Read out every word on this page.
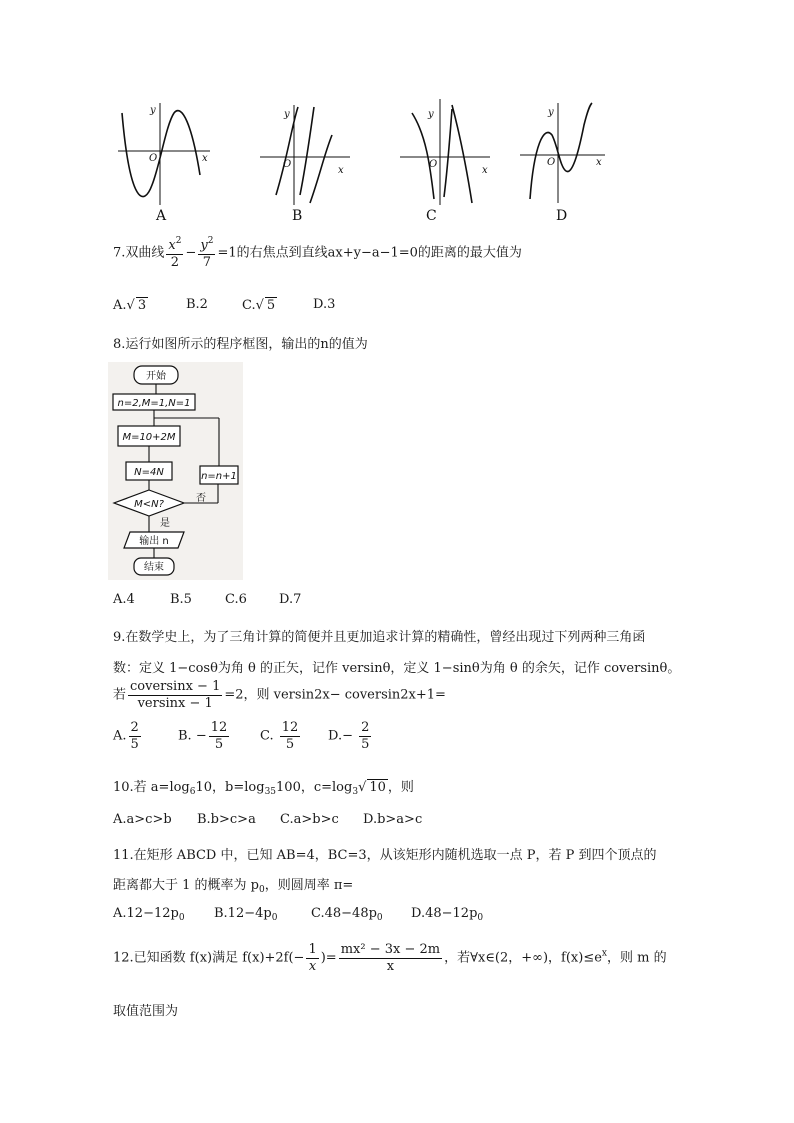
y
x
O
A
y
x
O
B
y
x
O
C
y
x
O
D
7.双曲线 $\frac{x^2}{2} - \frac{y^2}{7} =1$的右焦点到直线ax+y−a−1=0的距离的最大值为
A.√ 3	B.2	C.√ 5	D.3
8.运行如图所示的程序框图，输出的n的值为
开始
n=2,M=1,N=1
M=10+2M
N=4N
M<N?
否
n=n+1
是
输出 n
结束
A.4	B.5	C.6 D.7
9.在数学史上，为了三角计算的简便并且更加追求计算的精确性，曾经出现过下列两种三角函
数：定义 1−cosθ为角 θ 的正矢，记作 versinθ，定义 1−sinθ为角 θ 的余矢，记作 coversinθ。
若 $\frac{\text{coversinx − 1}}{\text{versinx − 1}} =2$，则 versin2x− coversin2x+1=
A. $\frac{2}{5}$	B. − $\frac{12}{5} C$. $\frac{12}{5} D.- \frac{2}{5}$
10.若 $a=\log_610$，$b=\log_{35}100$，$c=\log_3√$ 10 ，则
A.a>c>b B.b>c>a C.a>b>c D.b>a>c
11.在矩形 ABCD 中，已知 AB=4，BC=3，从该矩形内随机选取一点 P，若 P 到四个顶点的
距离都大于 1 的概率为 $p_0$，则圆周率 π=
$A.12-12p_0$ $B.12-4p_0$	$C.48-48p_0$ $D.48-12p_0$
12.已知函数 f(x)满足 $f(x)+2f(- \frac{1}{x}$ )= $\frac{\text{mx² − 3x − 2m}}{x}$ ，若∀x∈(2，+∞)，$f(x)\le e^x$，则 m 的
取值范围为
